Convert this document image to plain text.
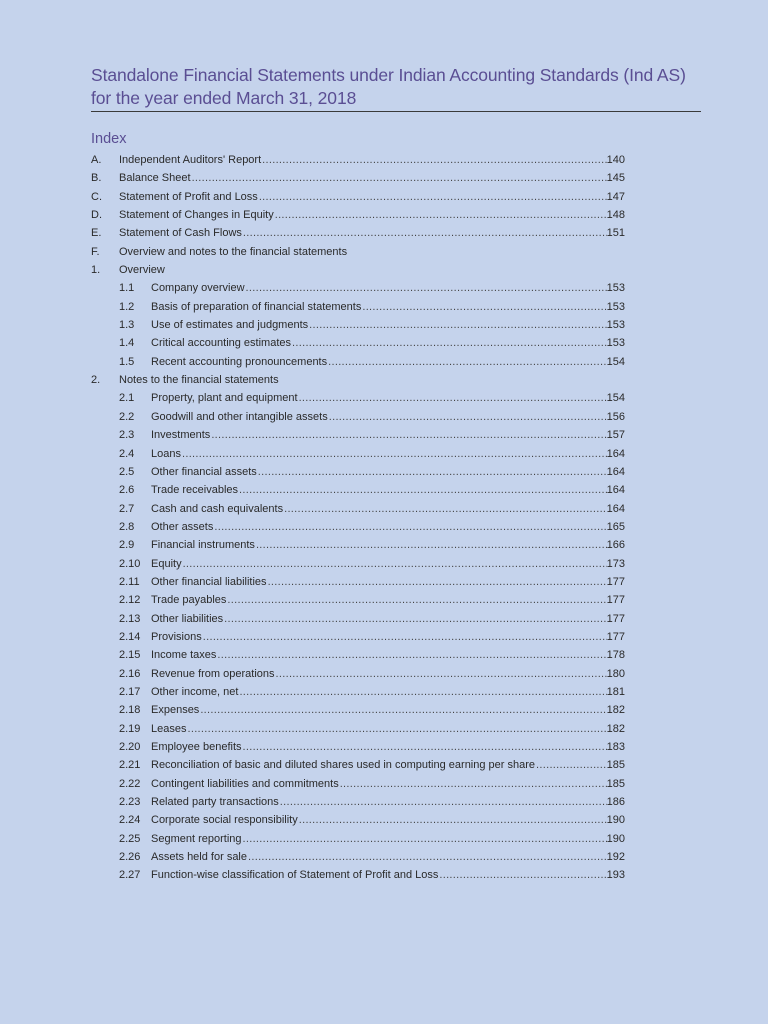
Standalone Financial Statements under Indian Accounting Standards (Ind AS)
for the year ended March 31, 2018
Index
A.	Independent Auditors' Report .....	140
B.	Balance Sheet .....	145
C.	Statement of Profit and Loss .....	147
D.	Statement of Changes in Equity .....	148
E.	Statement of Cash Flows .....	151
F.	Overview and notes to the financial statements
1.	Overview
1.1	Company overview .....	153
1.2	Basis of preparation of financial statements .....	153
1.3	Use of estimates and judgments .....	153
1.4	Critical accounting estimates .....	153
1.5	Recent accounting pronouncements .....	154
2.	Notes to the financial statements
2.1	Property, plant and equipment .....	154
2.2	Goodwill and other intangible assets .....	156
2.3	Investments .....	157
2.4	Loans .....	164
2.5	Other financial assets .....	164
2.6	Trade receivables .....	164
2.7	Cash and cash equivalents .....	164
2.8	Other assets .....	165
2.9	Financial instruments .....	166
2.10 Equity .....	173
2.11	Other financial liabilities .....	177
2.12 Trade payables .....	177
2.13 Other liabilities .....	177
2.14 Provisions .....	177
2.15 Income taxes .....	178
2.16 Revenue from operations .....	180
2.17 Other income, net .....	181
2.18 Expenses .....	182
2.19 Leases .....	182
2.20 Employee benefits .....	183
2.21 Reconciliation of basic and diluted shares used in computing earning per share .....	185
2.22 Contingent liabilities and commitments .....	185
2.23 Related party transactions .....	186
2.24 Corporate social responsibility .....	190
2.25 Segment reporting .....	190
2.26 Assets held for sale .....	192
2.27 Function-wise classification of Statement of Profit and Loss .....	193
